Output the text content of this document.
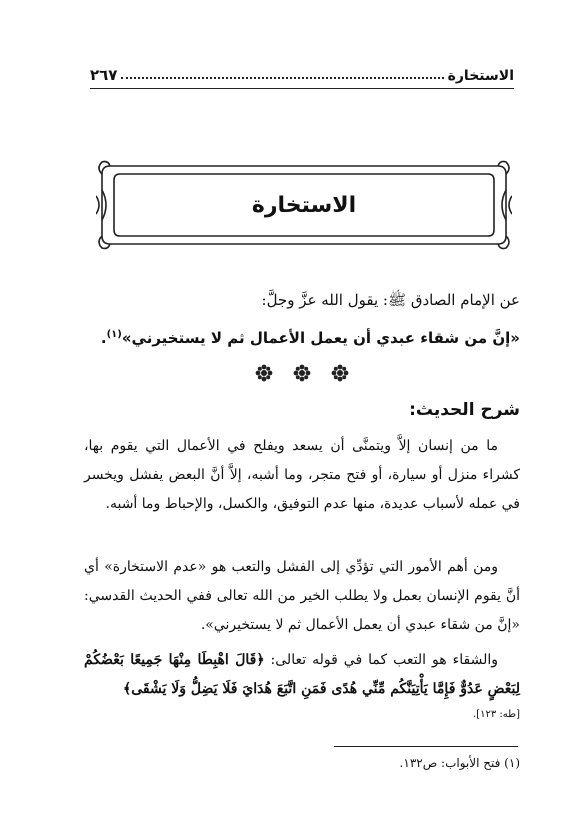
الاستخارة
٢٦٧
الاستخارة
عن الإمام الصادق ﷺ: يقول الله عزَّ وجلَّ:
«إنَّ من شقاء عبدي أن يعمل الأعمال ثم لا يستخيرني»$^{(١)}$.
شرح الحديث:

ما من إنسان إلاَّ ويتمنَّى أن يسعد ويفلح في الأعمال التي يقوم بها، كشراء منزل أو سيارة، أو فتح متجر، وما أشبه، إلاَّ أنَّ البعض يفشل ويخسر في عمله لأسباب عديدة، منها عدم التوفيق، والكسل، والإحباط وما أشبه.

ومن أهم الأمور التي تؤدِّي إلى الفشل والتعب هو «عدم الاستخارة» أي أنَّ يقوم الإنسان بعمل ولا يطلب الخير من الله تعالى ففي الحديث القدسي: «إنَّ من شقاء عبدي أن يعمل الأعمال ثم لا يستخيرني».

والشقاء هو التعب كما في قوله تعالى: ﴿قَالَ اهْبِطَا مِنْهَا جَمِيعًا بَعْضُكُمْ لِبَعْضٍ عَدُوٌّ فَإِمَّا يَأْتِيَنَّكُم مِّنِّي هُدًى فَمَنِ اتَّبَعَ هُدَايَ فَلَا يَضِلُّ وَلَا يَشْقَى﴾

[طه: ١٢٣].
(١) فتح الأبواب: ص١٣٢.
